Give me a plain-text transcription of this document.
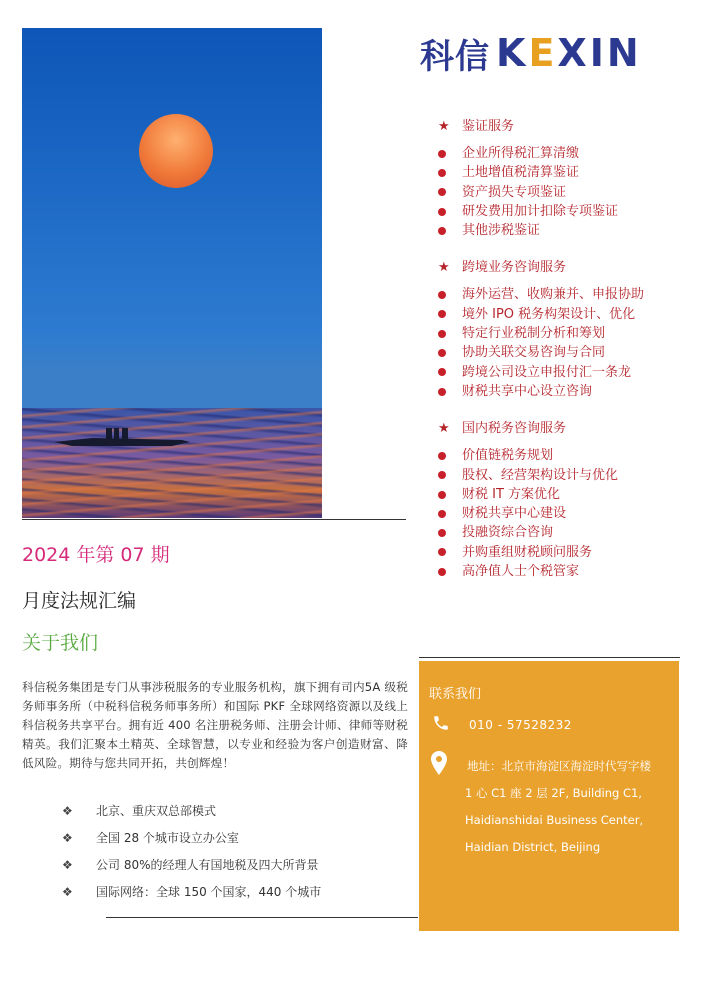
科信 KEXIN
★ 鉴证服务
企业所得税汇算清缴
土地增值税清算鉴证
资产损失专项鉴证
研发费用加计扣除专项鉴证
其他涉税鉴证
★ 跨境业务咨询服务
海外运营、收购兼并、申报协助
境外 IPO 税务构架设计、优化
特定行业税制分析和筹划
协助关联交易咨询与合同
跨境公司设立申报付汇一条龙
财税共享中心设立咨询
★ 国内税务咨询服务
价值链税务规划
股权、经营架构设计与优化
财税 IT 方案优化
财税共享中心建设
投融资综合咨询
并购重组财税顾问服务
高净值人士个税管家
2024 年第 07 期
月度法规汇编
关于我们
科信税务集团是专门从事涉税服务的专业服务机构，旗下拥有司内5A 级税务师事务所（中税科信税务师事务所）和国际 PKF 全球网络资源以及线上科信税务共享平台。拥有近 400 名注册税务师、注册会计师、律师等财税精英。我们汇聚本土精英、全球智慧，以专业和经验为客户创造财富、降低风险。期待与您共同开拓，共创辉煌！
❖	北京、重庆双总部模式
❖	全国 28 个城市设立办公室
❖	公司 80%的经理人有国地税及四大所背景
❖	国际网络：全球 150 个国家，440 个城市
联系我们
010 - 57528232
地址：北京市海淀区海淀时代写字楼
1 心 C1 座 2 层 2F, Building C1,
Haidianshidai Business Center,
Haidian District, Beijing
